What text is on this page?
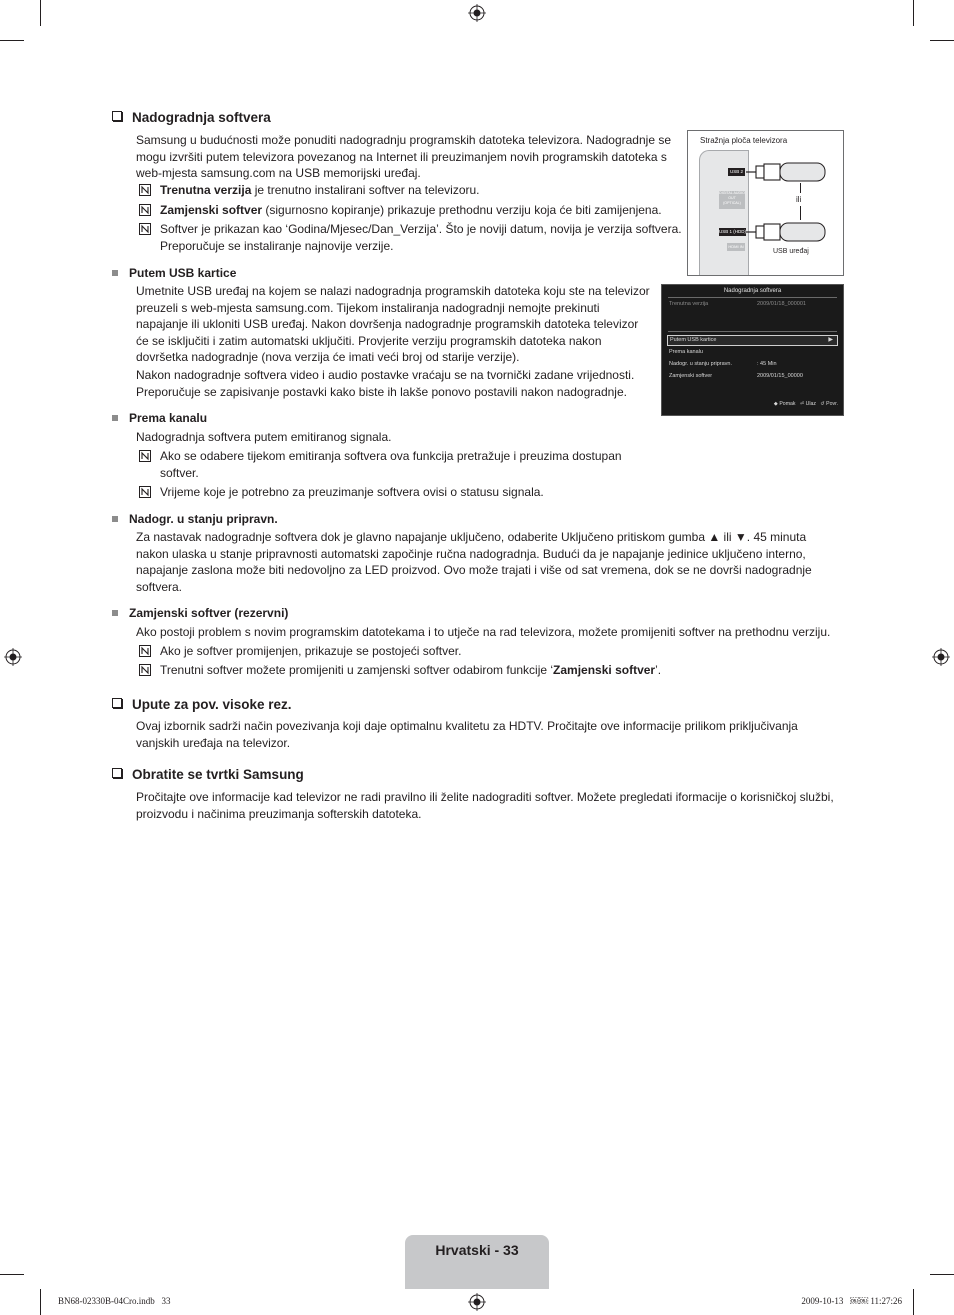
Nadogradnja softvera
Samsung u budućnosti može ponuditi nadogradnju programskih datoteka televizora. Nadogradnje se mogu izvršiti putem televizora povezanog na Internet ili preuzimanjem novih programskih datoteka s web-mjesta samsung.com na USB memorijski uređaj.
Trenutna verzija je trenutno instalirani softver na televizoru.
Zamjenski softver (sigurnosno kopiranje) prikazuje prethodnu verziju koja će biti zamijenjena.
Softver je prikazan kao ‘Godina/Mjesec/Dan_Verzija’. Što je noviji datum, novija je verzija softvera. Preporučuje se instaliranje najnovije verzije.
Stražnja ploča televizora
USB 2
DIGITAL AUDIO OUT (OPTICAL)
USB 1 (HDD)
HDMI IN
ili
USB uređaj
Putem USB kartice
Umetnite USB uređaj na kojem se nalazi nadogradnja programskih datoteka koju ste na televizor preuzeli s web-mjesta samsung.com. Tijekom instaliranja nadogradnji nemojte prekinuti napajanje ili ukloniti USB uređaj. Nakon dovršenja nadogradnje programskih datoteka televizor će se isključiti i zatim automatski uključiti. Provjerite verziju programskih datoteka nakon dovršetka nadogradnje (nova verzija će imati veći broj od starije verzije).
Nakon nadogradnje softvera video i audio postavke vraćaju se na tvornički zadane vrijednosti. Preporučuje se zapisivanje postavki kako biste ih lakše ponovo postavili nakon nadogradnje.
Nadogradnja softvera
Trenutna verzija	2009/01/18_000001
Putem USB kartice	▶
Prema kanalu
Nadogr. u stanju pripravn.	: 45 Min
Zamjenski softver	2009/01/15_00000
◆ Pomak ⏎ Ulaz ↺ Povr.
Prema kanalu
Nadogradnja softvera putem emitiranog signala.
Ako se odabere tijekom emitiranja softvera ova funkcija pretražuje i preuzima dostupan softver.
Vrijeme koje je potrebno za preuzimanje softvera ovisi o statusu signala.
Nadogr. u stanju pripravn.
Za nastavak nadogradnje softvera dok je glavno napajanje uključeno, odaberite Uključeno pritiskom gumba ▲ ili ▼. 45 minuta nakon ulaska u stanje pripravnosti automatski započinje ručna nadogradnja. Budući da je napajanje jedinice uključeno interno, napajanje zaslona može biti nedovoljno za LED proizvod. Ovo može trajati i više od sat vremena, dok se ne dovrši nadogradnje softvera.
Zamjenski softver (rezervni)
Ako postoji problem s novim programskim datotekama i to utječe na rad televizora, možete promijeniti softver na prethodnu verziju.
Ako je softver promijenjen, prikazuje se postojeći softver.
Trenutni softver možete promijeniti u zamjenski softver odabirom funkcije ‘Zamjenski softver’.
Upute za pov. visoke rez.
Ovaj izbornik sadrži način povezivanja koji daje optimalnu kvalitetu za HDTV. Pročitajte ove informacije prilikom priključivanja vanjskih uređaja na televizor.
Obratite se tvrtki Samsung
Pročitajte ove informacije kad televizor ne radi pravilno ili želite nadograditi softver. Možete pregledati iformacije o korisničkoj službi, proizvodu i načinima preuzimanja softerskih datoteka.
Hrvatski - 33
BN68-02330B-04Cro.indb   33	2009-10-13   ￼￼ 11:27:26
